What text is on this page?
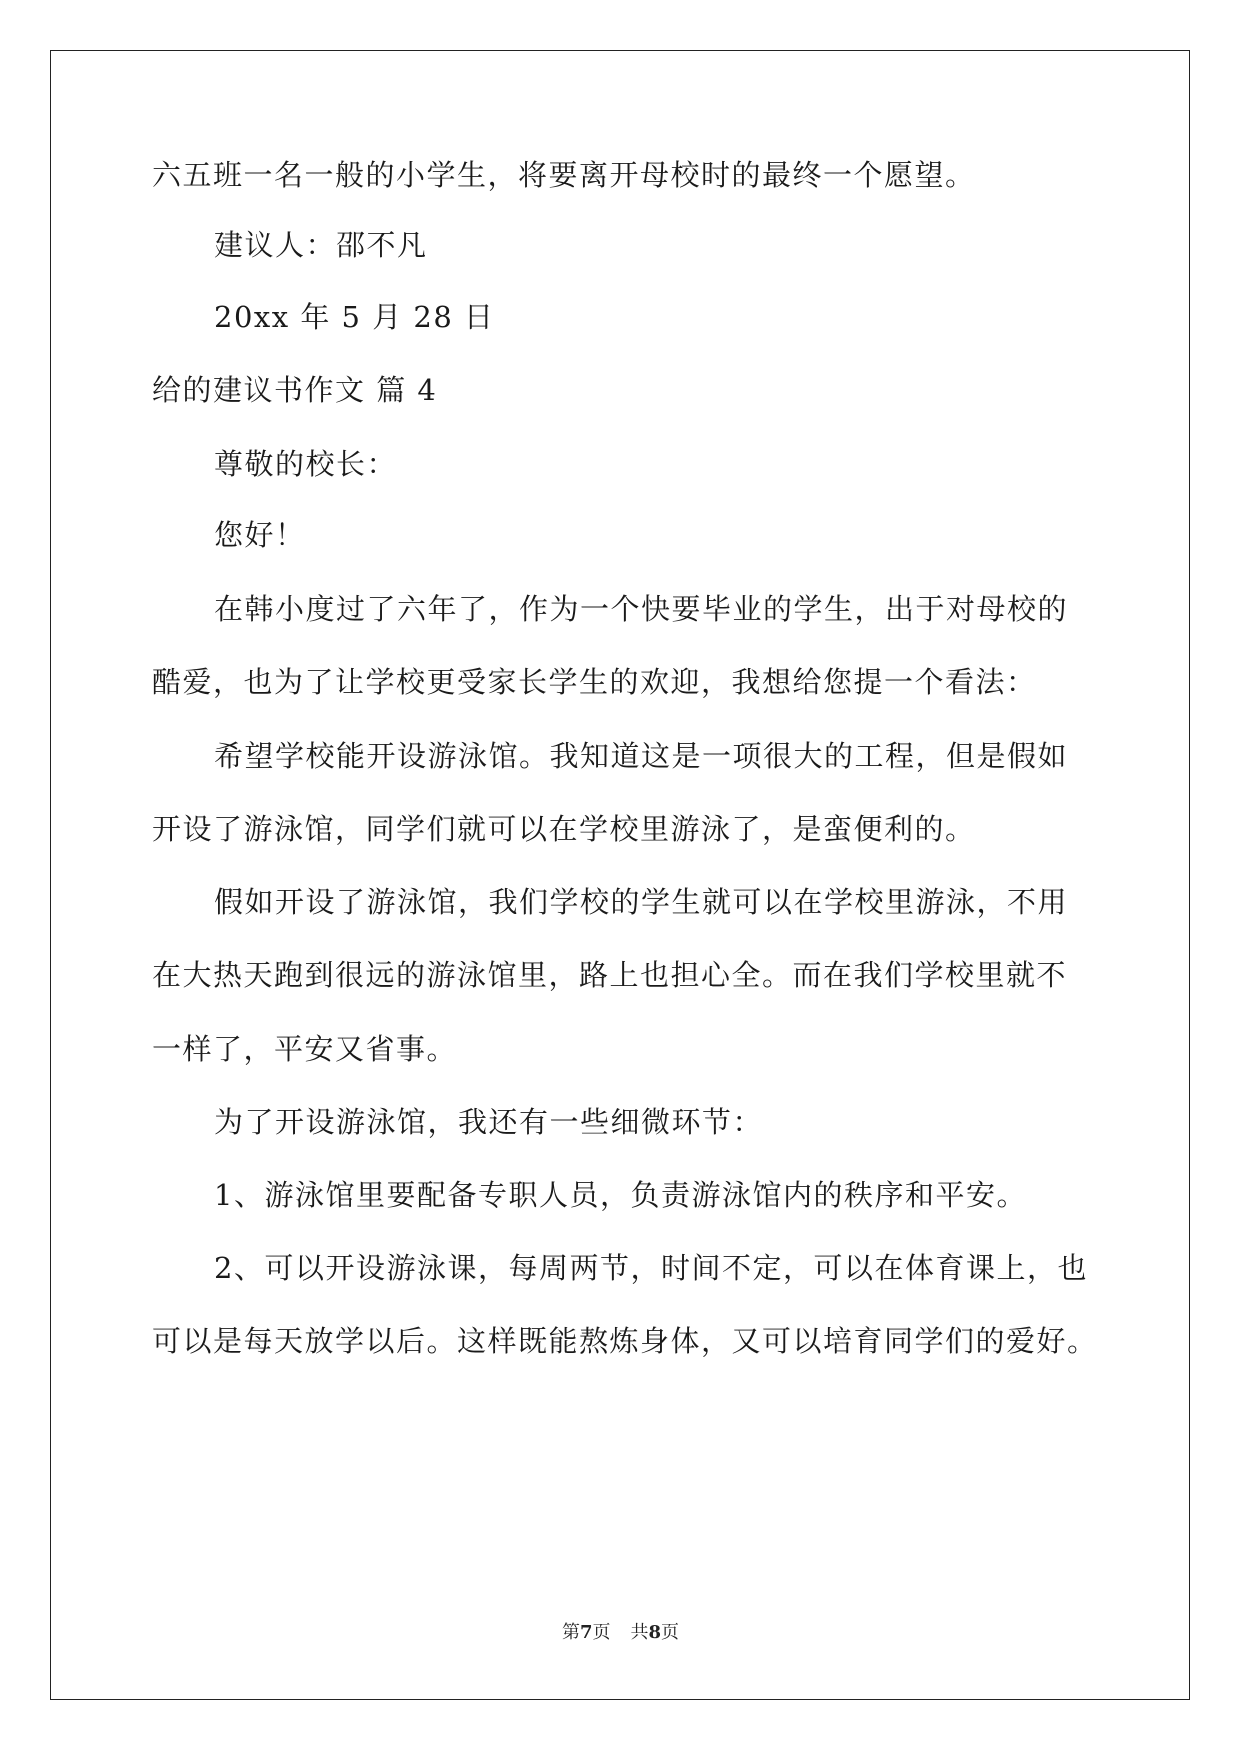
六五班一名一般的小学生，将要离开母校时的最终一个愿望。
建议人：邵不凡
20xx 年 5 月 28 日
给的建议书作文 篇 4
尊敬的校长：
您好！
在韩小度过了六年了，作为一个快要毕业的学生，出于对母校的
酷爱，也为了让学校更受家长学生的欢迎，我想给您提一个看法：
希望学校能开设游泳馆。我知道这是一项很大的工程，但是假如
开设了游泳馆，同学们就可以在学校里游泳了，是蛮便利的。
假如开设了游泳馆，我们学校的学生就可以在学校里游泳，不用
在大热天跑到很远的游泳馆里，路上也担心全。而在我们学校里就不
一样了，平安又省事。
为了开设游泳馆，我还有一些细微环节：
1、游泳馆里要配备专职人员，负责游泳馆内的秩序和平安。
2、可以开设游泳课，每周两节，时间不定，可以在体育课上，也
可以是每天放学以后。这样既能熬炼身体，又可以培育同学们的爱好。
第7页 共8页
